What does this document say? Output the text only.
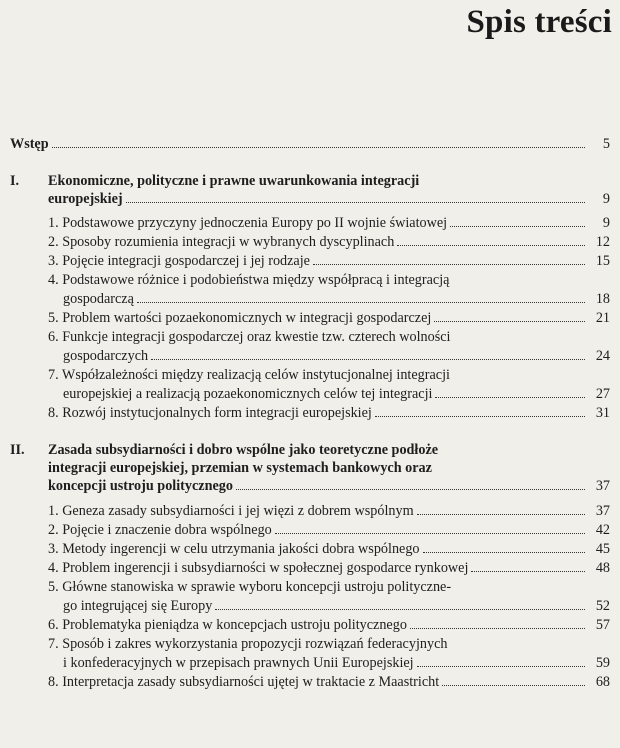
Spis treści
Wstęp	5
I. Ekonomiczne, polityczne i prawne uwarunkowania integracji
europejskiej	9
1. Podstawowe przyczyny jednoczenia Europy po II wojnie światowej	9
2. Sposoby rozumienia integracji w wybranych dyscyplinach	12
3. Pojęcie integracji gospodarczej i jej rodzaje	15
4. Podstawowe różnice i podobieństwa między współpracą i integracją
gospodarczą	18
5. Problem wartości pozaekonomicznych w integracji gospodarczej	21
6. Funkcje integracji gospodarczej oraz kwestie tzw. czterech wolności
gospodarczych	24
7. Współzależności między realizacją celów instytucjonalnej integracji
europejskiej a realizacją pozaekonomicznych celów tej integracji	27
8. Rozwój instytucjonalnych form integracji europejskiej	31
II. Zasada subsydiarności i dobro wspólne jako teoretyczne podłoże
integracji europejskiej, przemian w systemach bankowych oraz
koncepcji ustroju politycznego	37
1. Geneza zasady subsydiarności i jej więzi z dobrem wspólnym	37
2. Pojęcie i znaczenie dobra wspólnego	42
3. Metody ingerencji w celu utrzymania jakości dobra wspólnego	45
4. Problem ingerencji i subsydiarności w społecznej gospodarce rynkowej	48
5. Główne stanowiska w sprawie wyboru koncepcji ustroju polityczne-
go integrującej się Europy	52
6. Problematyka pieniądza w koncepcjach ustroju politycznego	57
7. Sposób i zakres wykorzystania propozycji rozwiązań federacyjnych
i konfederacyjnych w przepisach prawnych Unii Europejskiej	59
8. Interpretacja zasady subsydiarności ujętej w traktacie z Maastricht	68
